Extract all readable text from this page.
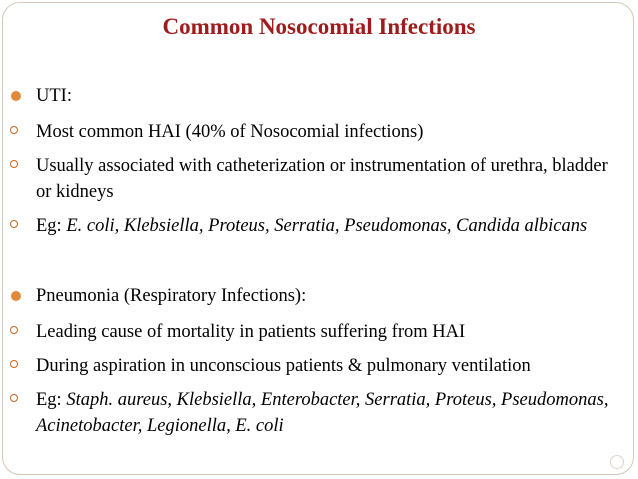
Common Nosocomial Infections
UTI:
Most common HAI (40% of Nosocomial infections)
Usually associated with catheterization or instrumentation of urethra, bladder or kidneys
Eg: E. coli, Klebsiella, Proteus, Serratia, Pseudomonas, Candida albicans
Pneumonia (Respiratory Infections):
Leading cause of mortality in patients suffering from HAI
During aspiration in unconscious patients & pulmonary ventilation
Eg: Staph. aureus, Klebsiella, Enterobacter, Serratia, Proteus, Pseudomonas, Acinetobacter, Legionella, E. coli
